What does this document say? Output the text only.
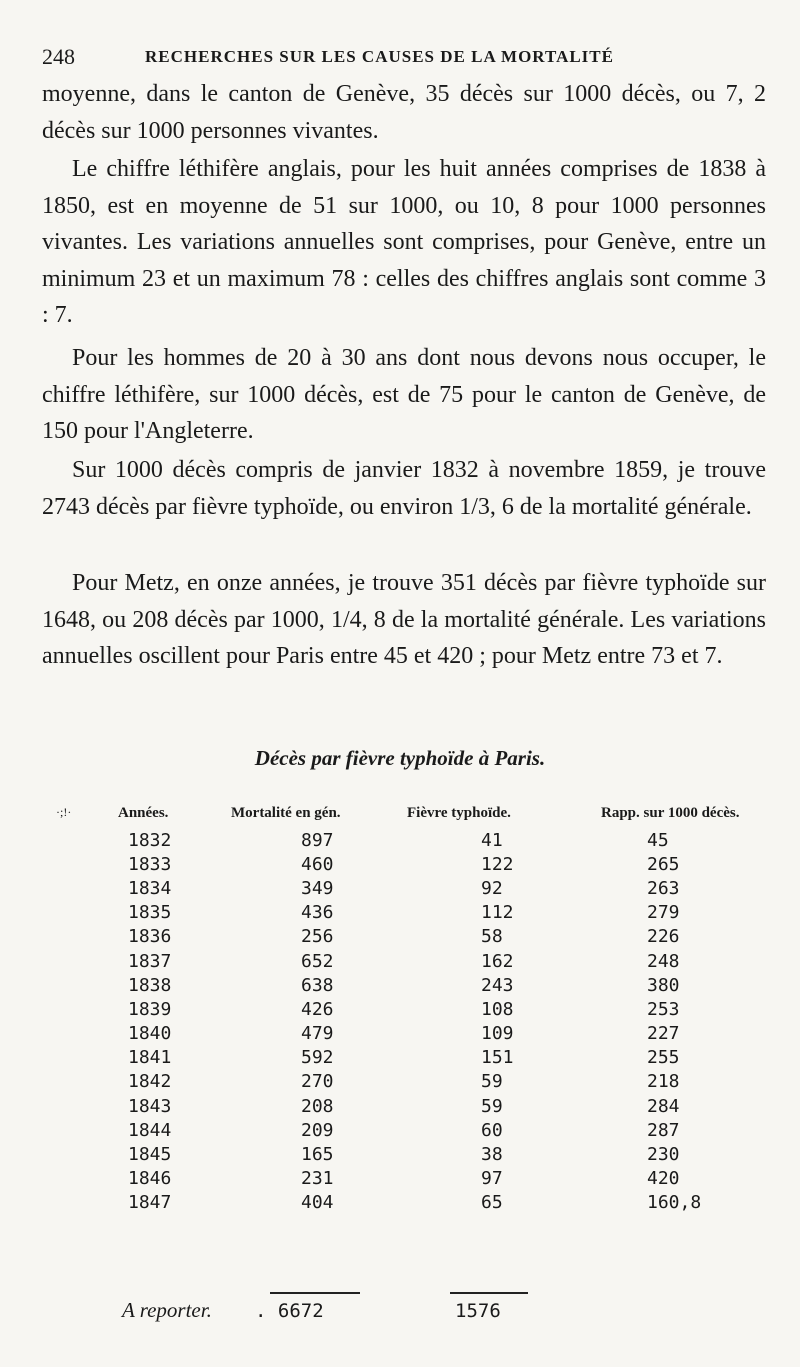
248	RECHERCHES SUR LES CAUSES DE LA MORTALITÉ

moyenne, dans le canton de Genève, 35 décès sur 1000 décès, ou 7, 2 décès sur 1000 personnes vivantes.

Le chiffre léthifère anglais, pour les huit années comprises de 1838 à 1850, est en moyenne de 51 sur 1000, ou 10, 8 pour 1000 personnes vivantes. Les variations annuelles sont comprises, pour Genève, entre un minimum 23 et un maximum 78 : celles des chiffres anglais sont comme 3 : 7.

Pour les hommes de 20 à 30 ans dont nous devons nous occuper, le chiffre léthifère, sur 1000 décès, est de 75 pour le canton de Genève, de 150 pour l'Angleterre.

Sur 1000 décès compris de janvier 1832 à novembre 1859, je trouve 2743 décès par fièvre typhoïde, ou environ 1/3, 6 de la mortalité générale.

Pour Metz, en onze années, je trouve 351 décès par fièvre typhoïde sur 1648, ou 208 décès par 1000, 1/4, 8 de la mortalité générale. Les variations annuelles oscillent pour Paris entre 45 et 420 ; pour Metz entre 73 et 7.

Décès par fièvre typhoïde à Paris.
·;!·	Années.	Mortalité en gén.	Fièvre typhoïde.	Rapp. sur 1000 décès.
1832	897	41	45
1833	460	122	265
1834	349	92	263
1835	436	112	279
1836	256	58	226
1837	652	162	248
1838	638	243	380
1839	426	108	253
1840	479	109	227
1841	592	151	255
1842	270	59	218
1843	208	59	284
1844	209	60	287
1845	165	38	230
1846	231	97	420
1847	404	65	160,8
A reporter. . 6672	1576
